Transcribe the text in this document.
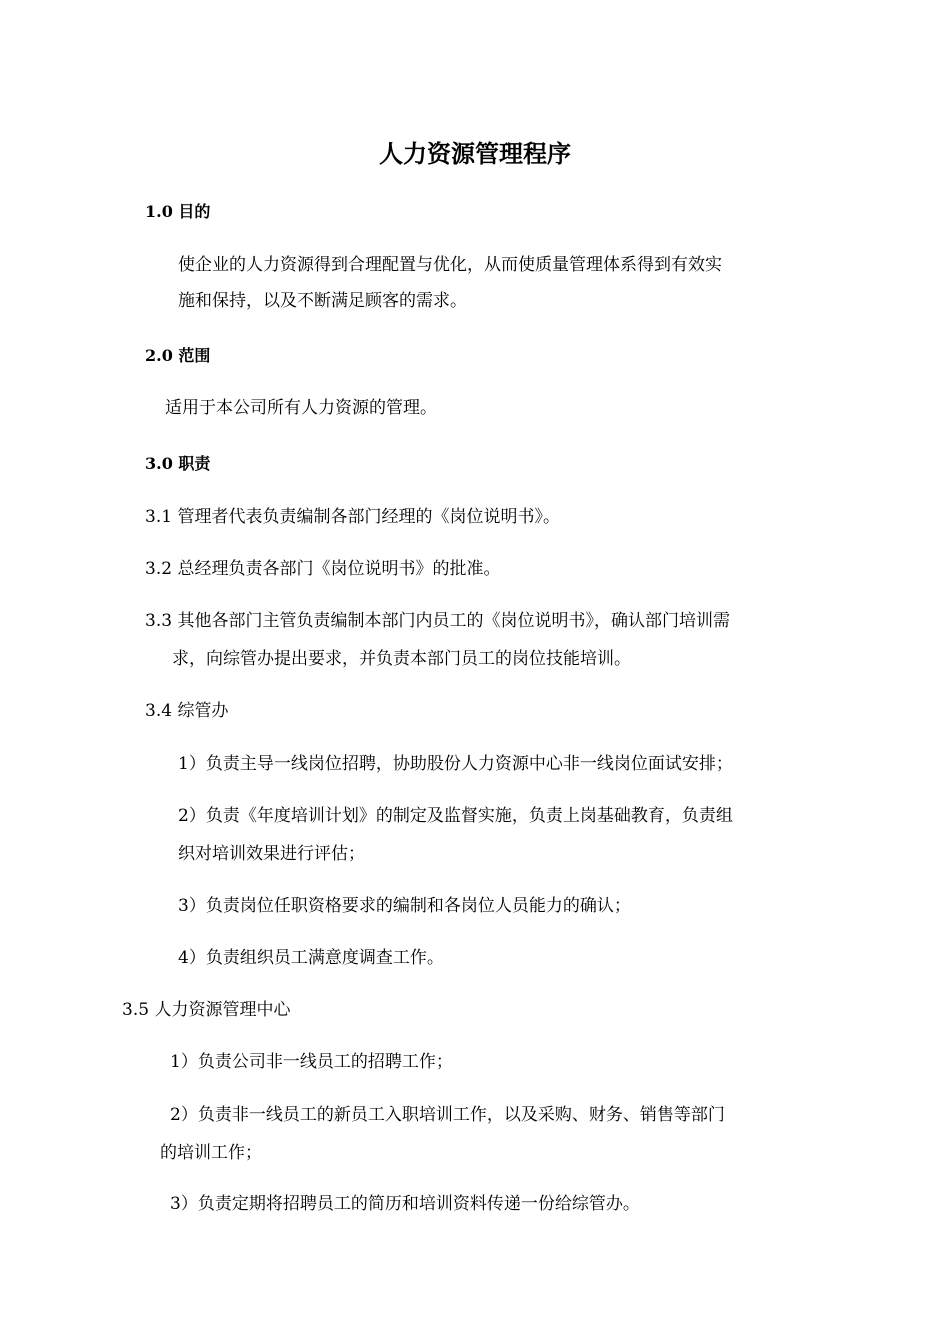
人力资源管理程序
1.0 目的
使企业的人力资源得到合理配置与优化，从而使质量管理体系得到有效实
施和保持，以及不断满足顾客的需求。
2.0 范围
适用于本公司所有人力资源的管理。
3.0 职责
3.1 管理者代表负责编制各部门经理的《岗位说明书》。
3.2 总经理负责各部门《岗位说明书》的批准。
3.3 其他各部门主管负责编制本部门内员工的《岗位说明书》，确认部门培训需
求，向综管办提出要求，并负责本部门员工的岗位技能培训。
3.4 综管办
1）负责主导一线岗位招聘，协助股份人力资源中心非一线岗位面试安排；
2）负责《年度培训计划》的制定及监督实施，负责上岗基础教育，负责组
织对培训效果进行评估；
3）负责岗位任职资格要求的编制和各岗位人员能力的确认；
4）负责组织员工满意度调查工作。
3.5 人力资源管理中心
1）负责公司非一线员工的招聘工作；
2）负责非一线员工的新员工入职培训工作，以及采购、财务、销售等部门
的培训工作；
3）负责定期将招聘员工的简历和培训资料传递一份给综管办。
